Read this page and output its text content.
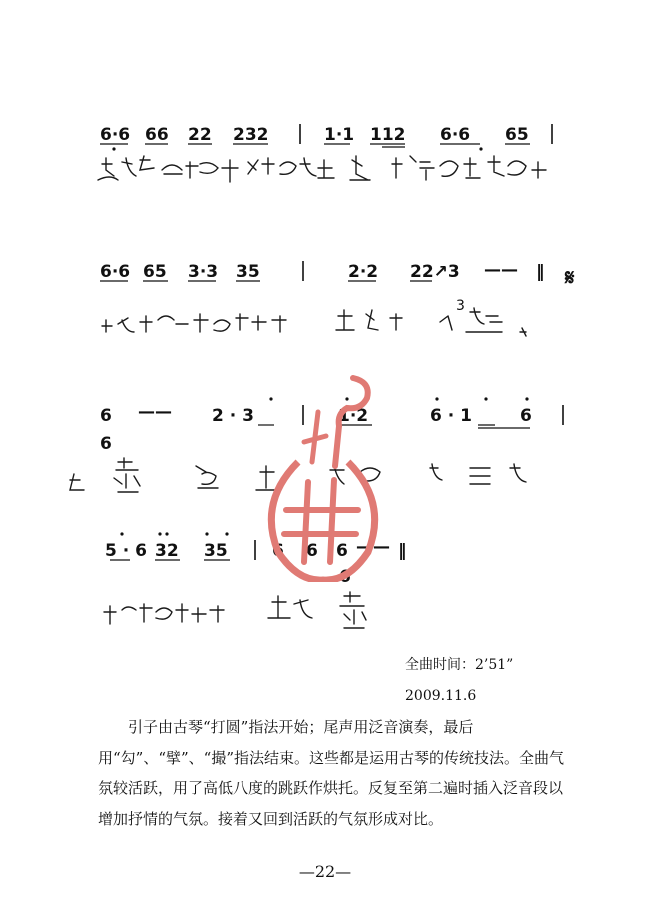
6·6 66 22 232	1·1 112 6·6 65
6·6 65 3·3 35	2·2 22↗3 —— ‖ 𝄋
3
6 —— 2 · 3	1·2	6 · 1	6
6
5 · 6 32 35	6 6 6 —— ‖
6
全曲时间：2’51”
2009.11.6
引子由古琴“打圆”指法开始；尾声用泛音演奏，最后用“勾”、“擘”、“撮”指法结束。这些都是运用古琴的传统技法。全曲气氛较活跃，用了高低八度的跳跃作烘托。反复至第二遍时插入泛音段以增加抒情的气氛。接着又回到活跃的气氛形成对比。
—22—
